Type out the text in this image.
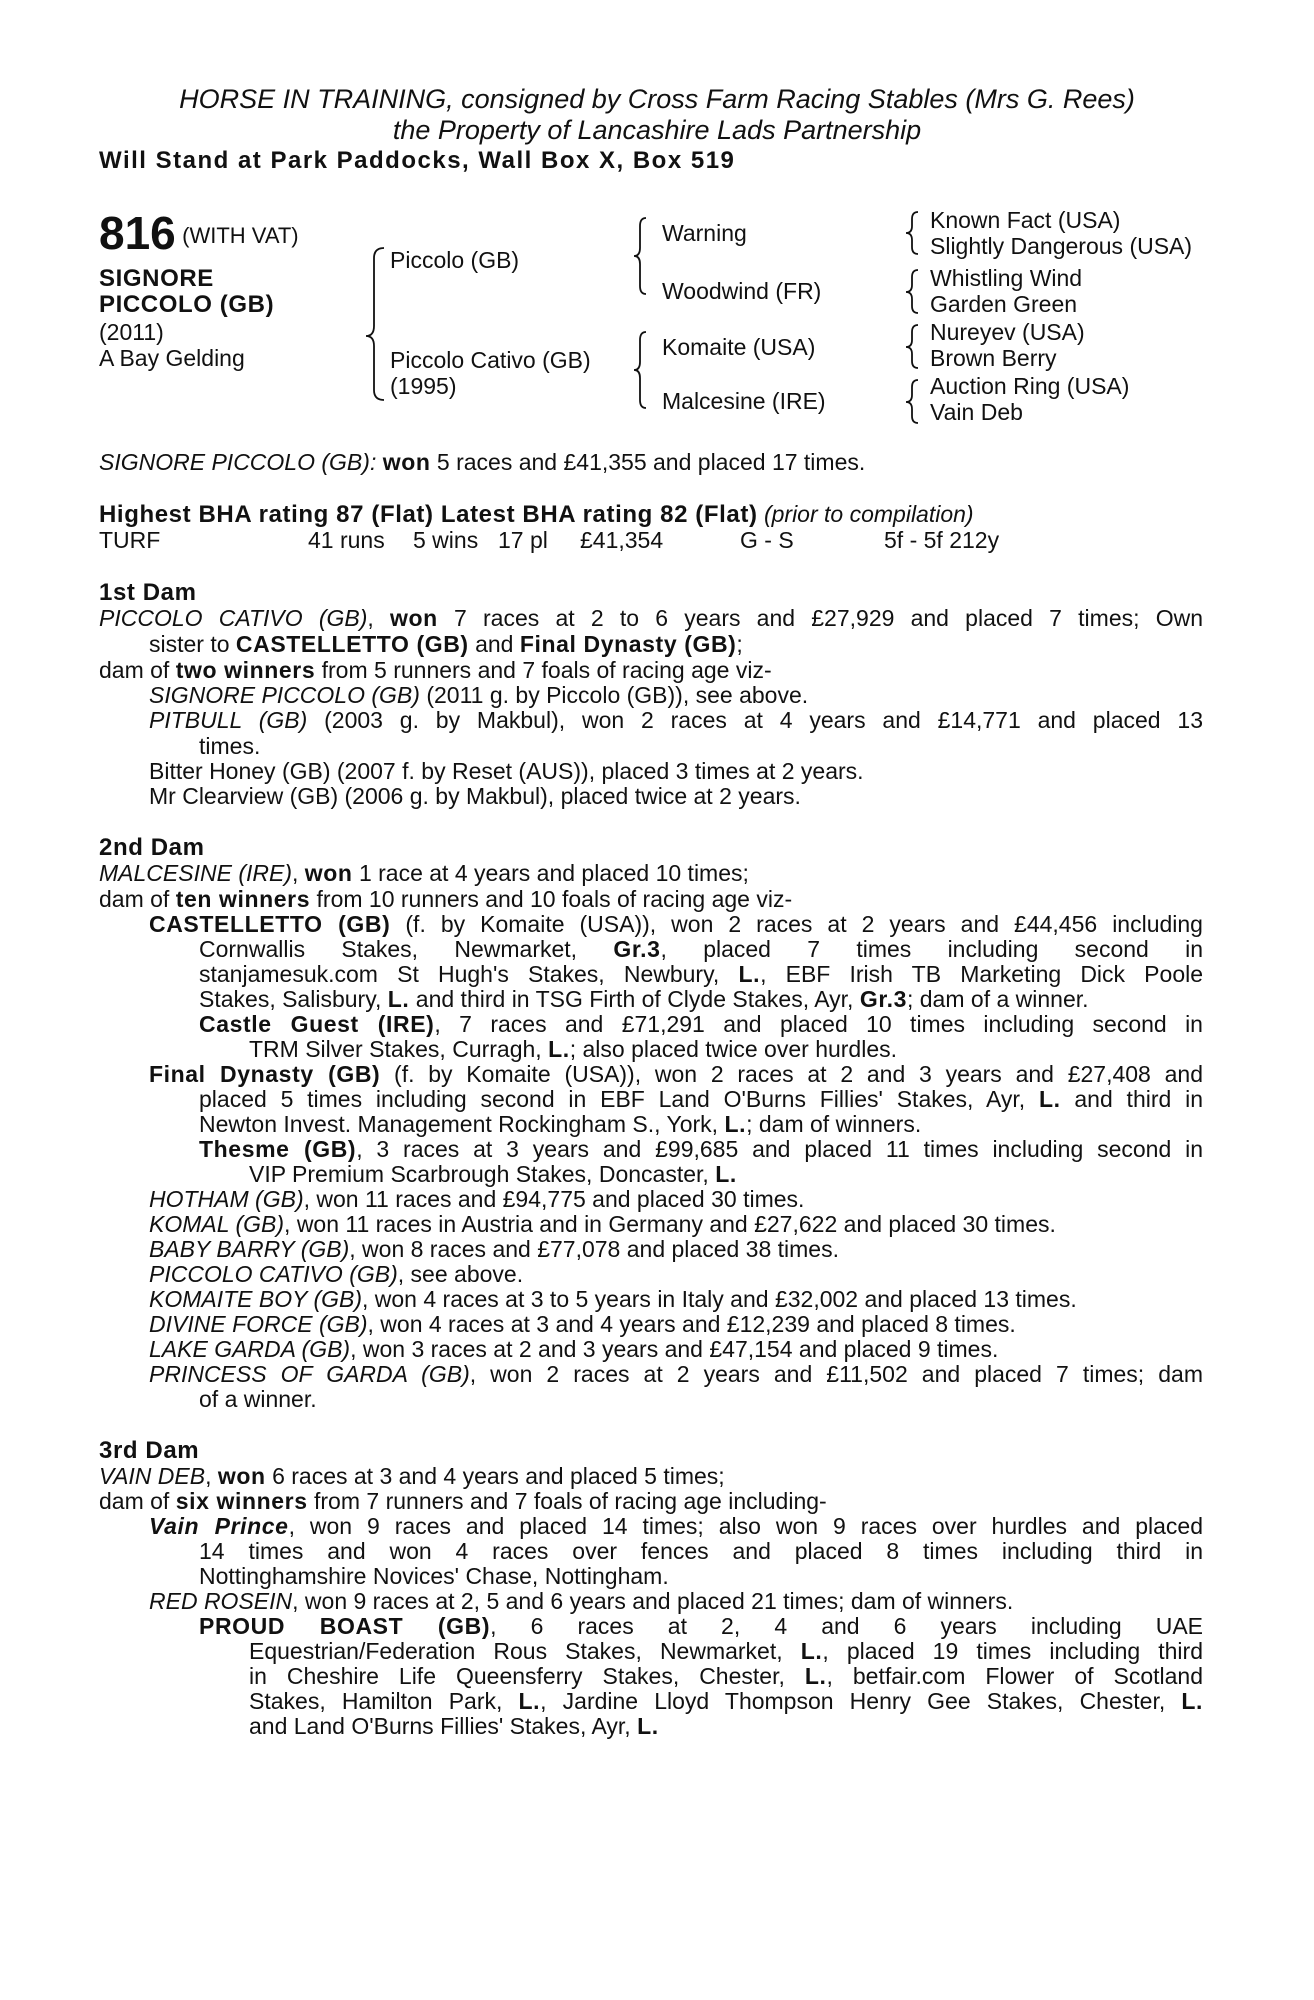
HORSE IN TRAINING, consigned by Cross Farm Racing Stables (Mrs G. Rees)
the Property of Lancashire Lads Partnership
Will Stand at Park Paddocks, Wall Box X, Box 519
816 (WITH VAT)
SIGNORE
PICCOLO (GB)
(2011)
A Bay Gelding
Piccolo (GB)
Piccolo Cativo (GB)
(1995)
Warning
Woodwind (FR)
Komaite (USA)
Malcesine (IRE)
Known Fact (USA)
Slightly Dangerous (USA)
Whistling Wind
Garden Green
Nureyev (USA)
Brown Berry
Auction Ring (USA)
Vain Deb
SIGNORE PICCOLO (GB): won 5 races and £41,355 and placed 17 times.
Highest BHA rating 87 (Flat) Latest BHA rating 82 (Flat) (prior to compilation)
TURF	41 runs 5 wins 17 pl £41,354	G - S	5f - 5f 212y
1st Dam
PICCOLO CATIVO (GB), won 7 races at 2 to 6 years and £27,929 and placed 7 times; Own
sister to CASTELLETTO (GB) and Final Dynasty (GB);
dam of two winners from 5 runners and 7 foals of racing age viz-
SIGNORE PICCOLO (GB) (2011 g. by Piccolo (GB)), see above.
PITBULL (GB) (2003 g. by Makbul), won 2 races at 4 years and £14,771 and placed 13
times.
Bitter Honey (GB) (2007 f. by Reset (AUS)), placed 3 times at 2 years.
Mr Clearview (GB) (2006 g. by Makbul), placed twice at 2 years.
2nd Dam
MALCESINE (IRE), won 1 race at 4 years and placed 10 times;
dam of ten winners from 10 runners and 10 foals of racing age viz-
CASTELLETTO (GB) (f. by Komaite (USA)), won 2 races at 2 years and £44,456 including
Cornwallis Stakes, Newmarket, Gr.3, placed 7 times including second in
stanjamesuk.com St Hugh's Stakes, Newbury, L., EBF Irish TB Marketing Dick Poole
Stakes, Salisbury, L. and third in TSG Firth of Clyde Stakes, Ayr, Gr.3; dam of a winner.
Castle Guest (IRE), 7 races and £71,291 and placed 10 times including second in
TRM Silver Stakes, Curragh, L.; also placed twice over hurdles.
Final Dynasty (GB) (f. by Komaite (USA)), won 2 races at 2 and 3 years and £27,408 and
placed 5 times including second in EBF Land O'Burns Fillies' Stakes, Ayr, L. and third in
Newton Invest. Management Rockingham S., York, L.; dam of winners.
Thesme (GB), 3 races at 3 years and £99,685 and placed 11 times including second in
VIP Premium Scarbrough Stakes, Doncaster, L.
HOTHAM (GB), won 11 races and £94,775 and placed 30 times.
KOMAL (GB), won 11 races in Austria and in Germany and £27,622 and placed 30 times.
BABY BARRY (GB), won 8 races and £77,078 and placed 38 times.
PICCOLO CATIVO (GB), see above.
KOMAITE BOY (GB), won 4 races at 3 to 5 years in Italy and £32,002 and placed 13 times.
DIVINE FORCE (GB), won 4 races at 3 and 4 years and £12,239 and placed 8 times.
LAKE GARDA (GB), won 3 races at 2 and 3 years and £47,154 and placed 9 times.
PRINCESS OF GARDA (GB), won 2 races at 2 years and £11,502 and placed 7 times; dam
of a winner.
3rd Dam
VAIN DEB, won 6 races at 3 and 4 years and placed 5 times;
dam of six winners from 7 runners and 7 foals of racing age including-
Vain Prince, won 9 races and placed 14 times; also won 9 races over hurdles and placed
14 times and won 4 races over fences and placed 8 times including third in
Nottinghamshire Novices' Chase, Nottingham.
RED ROSEIN, won 9 races at 2, 5 and 6 years and placed 21 times; dam of winners.
PROUD BOAST (GB), 6 races at 2, 4 and 6 years including UAE
Equestrian/Federation Rous Stakes, Newmarket, L., placed 19 times including third
in Cheshire Life Queensferry Stakes, Chester, L., betfair.com Flower of Scotland
Stakes, Hamilton Park, L., Jardine Lloyd Thompson Henry Gee Stakes, Chester, L.
and Land O'Burns Fillies' Stakes, Ayr, L.
